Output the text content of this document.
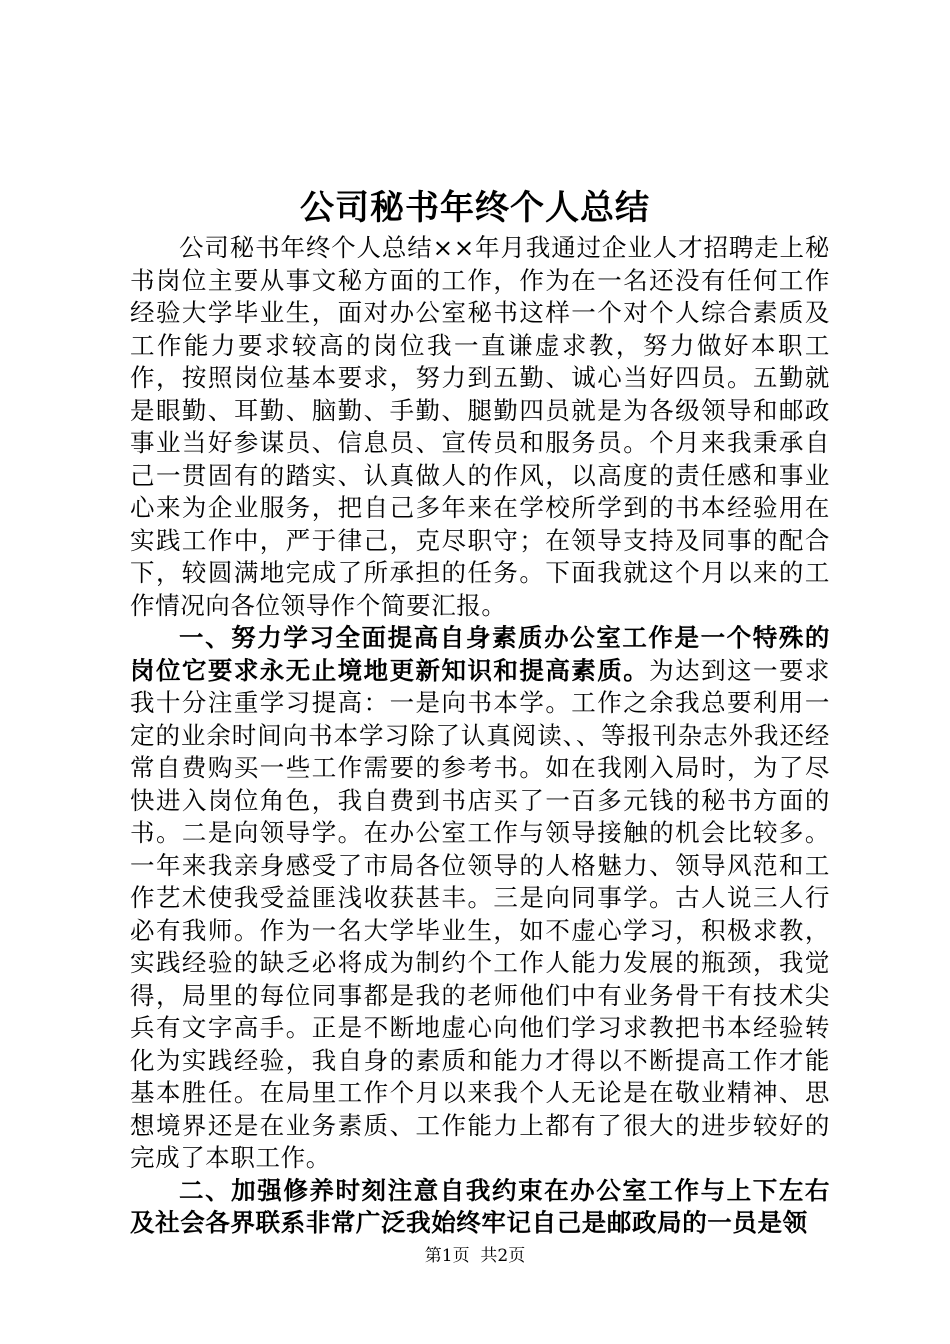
公司秘书年终个人总结

公司秘书年终个人总结××年月我通过企业人才招聘走上秘书岗位主要从事文秘方面的工作，作为在一名还没有任何工作经验大学毕业生，面对办公室秘书这样一个对个人综合素质及工作能力要求较高的岗位我一直谦虚求教，努力做好本职工作，按照岗位基本要求，努力到五勤、诚心当好四员。五勤就是眼勤、耳勤、脑勤、手勤、腿勤四员就是为各级领导和邮政事业当好参谋员、信息员、宣传员和服务员。个月来我秉承自己一贯固有的踏实、认真做人的作风，以高度的责任感和事业心来为企业服务，把自己多年来在学校所学到的书本经验用在实践工作中，严于律己，克尽职守；在领导支持及同事的配合下，较圆满地完成了所承担的任务。下面我就这个月以来的工作情况向各位领导作个简要汇报。

一、努力学习全面提高自身素质办公室工作是一个特殊的岗位它要求永无止境地更新知识和提高素质。为达到这一要求我十分注重学习提高：一是向书本学。工作之余我总要利用一定的业余时间向书本学习除了认真阅读、、等报刊杂志外我还经常自费购买一些工作需要的参考书。如在我刚入局时，为了尽快进入岗位角色，我自费到书店买了一百多元钱的秘书方面的书。二是向领导学。在办公室工作与领导接触的机会比较多。一年来我亲身感受了市局各位领导的人格魅力、领导风范和工作艺术使我受益匪浅收获甚丰。三是向同事学。古人说三人行必有我师。作为一名大学毕业生，如不虚心学习，积极求教，实践经验的缺乏必将成为制约个工作人能力发展的瓶颈，我觉得，局里的每位同事都是我的老师他们中有业务骨干有技术尖兵有文字高手。正是不断地虚心向他们学习求教把书本经验转化为实践经验，我自身的素质和能力才得以不断提高工作才能基本胜任。在局里工作个月以来我个人无论是在敬业精神、思想境界还是在业务素质、工作能力上都有了很大的进步较好的完成了本职工作。

二、加强修养时刻注意自我约束在办公室工作与上下左右及社会各界联系非常广泛我始终牢记自己是邮政局的一员是领

第1页 共2页
